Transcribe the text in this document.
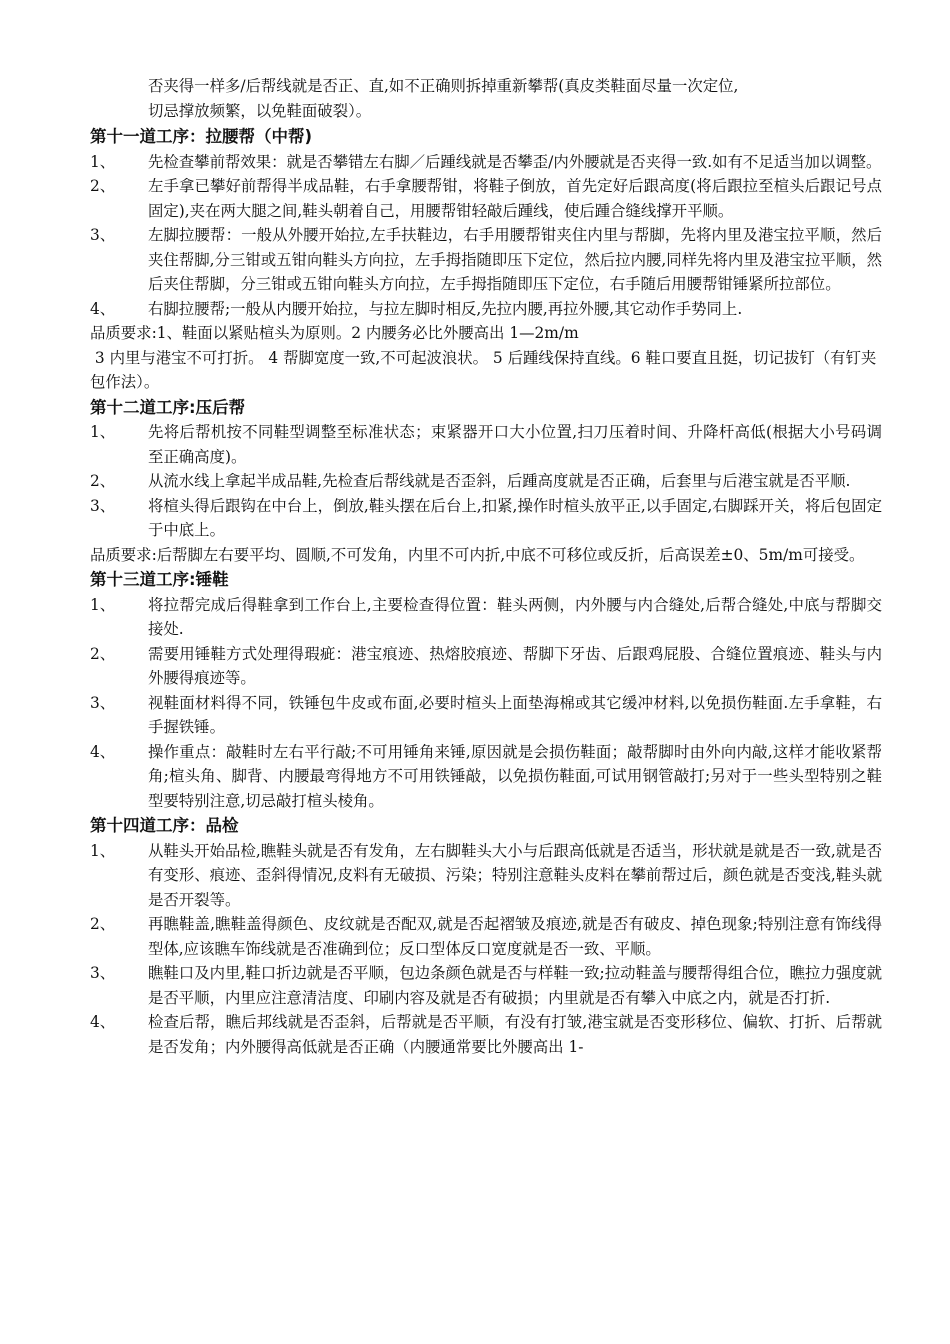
否夹得一样多/后帮线就是否正、直,如不正确则拆掉重新攀帮(真皮类鞋面尽量一次定位,

切忌撑放频繁，以免鞋面破裂）。

第十一道工序：拉腰帮（中帮)
1、	先检查攀前帮效果：就是否攀错左右脚／后踵线就是否攀歪/内外腰就是否夹得一致.如有不足适当加以调整。
2、	左手拿已攀好前帮得半成品鞋，右手拿腰帮钳，将鞋子倒放，首先定好后跟高度(将后跟拉至楦头后跟记号点固定),夹在两大腿之间,鞋头朝着自己，用腰帮钳轻敲后踵线，使后踵合缝线撑开平顺。
3、	左脚拉腰帮：一般从外腰开始拉,左手扶鞋边，右手用腰帮钳夹住内里与帮脚，先将内里及港宝拉平顺，然后夹住帮脚,分三钳或五钳向鞋头方向拉，左手拇指随即压下定位，然后拉内腰,同样先将内里及港宝拉平顺，然后夹住帮脚，分三钳或五钳向鞋头方向拉，左手拇指随即压下定位，右手随后用腰帮钳锤紧所拉部位。
4、	右脚拉腰帮;一般从内腰开始拉，与拉左脚时相反,先拉内腰,再拉外腰,其它动作手势同上.

品质要求:1、鞋面以紧贴楦头为原则。2 内腰务必比外腰高出 1—2m/m

3 内里与港宝不可打折。 4 帮脚宽度一致,不可起波浪状。 5 后踵线保持直线。6 鞋口要直且挺，切记拔钉（有钉夹包作法）。

第十二道工序:压后帮
1、	先将后帮机按不同鞋型调整至标准状态；束紧器开口大小位置,扫刀压着时间、升降杆高低(根据大小号码调至正确高度)。
2、	从流水线上拿起半成品鞋,先检查后帮线就是否歪斜，后踵高度就是否正确，后套里与后港宝就是否平顺.
3、	将楦头得后跟钩在中台上，倒放,鞋头摆在后台上,扣紧,操作时楦头放平正,以手固定,右脚踩开关，将后包固定于中底上。

品质要求:后帮脚左右要平均、圆顺,不可发角，内里不可内折,中底不可移位或反折，后高误差±0、5m/m可接受。

第十三道工序:锤鞋
1、	将拉帮完成后得鞋拿到工作台上,主要检查得位置：鞋头两侧，内外腰与内合缝处,后帮合缝处,中底与帮脚交接处.
2、	需要用锤鞋方式处理得瑕疵：港宝痕迹、热熔胶痕迹、帮脚下牙齿、后跟鸡屁股、合缝位置痕迹、鞋头与内外腰得痕迹等。
3、	视鞋面材料得不同，铁锤包牛皮或布面,必要时楦头上面垫海棉或其它缓冲材料,以免损伤鞋面.左手拿鞋，右手握铁锤。
4、	操作重点：敲鞋时左右平行敲;不可用锤角来锤,原因就是会损伤鞋面；敲帮脚时由外向内敲,这样才能收紧帮角;楦头角、脚背、内腰最弯得地方不可用铁锤敲，以免损伤鞋面,可试用钢管敲打;另对于一些头型特别之鞋型要特别注意,切忌敲打楦头棱角。
第十四道工序：品检
1、	从鞋头开始品检,瞧鞋头就是否有发角，左右脚鞋头大小与后跟高低就是否适当，形状就是就是否一致,就是否有变形、痕迹、歪斜得情况,皮料有无破损、污染；特别注意鞋头皮料在攀前帮过后，颜色就是否变浅,鞋头就是否开裂等。
2、	再瞧鞋盖,瞧鞋盖得颜色、皮纹就是否配双,就是否起褶皱及痕迹,就是否有破皮、掉色现象;特别注意有饰线得型体,应该瞧车饰线就是否准确到位；反口型体反口宽度就是否一致、平顺。
3、	瞧鞋口及内里,鞋口折边就是否平顺，包边条颜色就是否与样鞋一致;拉动鞋盖与腰帮得组合位，瞧拉力强度就是否平顺，内里应注意清洁度、印刷内容及就是否有破损；内里就是否有攀入中底之内，就是否打折.
4、	检查后帮，瞧后邦线就是否歪斜，后帮就是否平顺，有没有打皱,港宝就是否变形移位、偏软、打折、后帮就是否发角；内外腰得高低就是否正确（内腰通常要比外腰高出 1-
